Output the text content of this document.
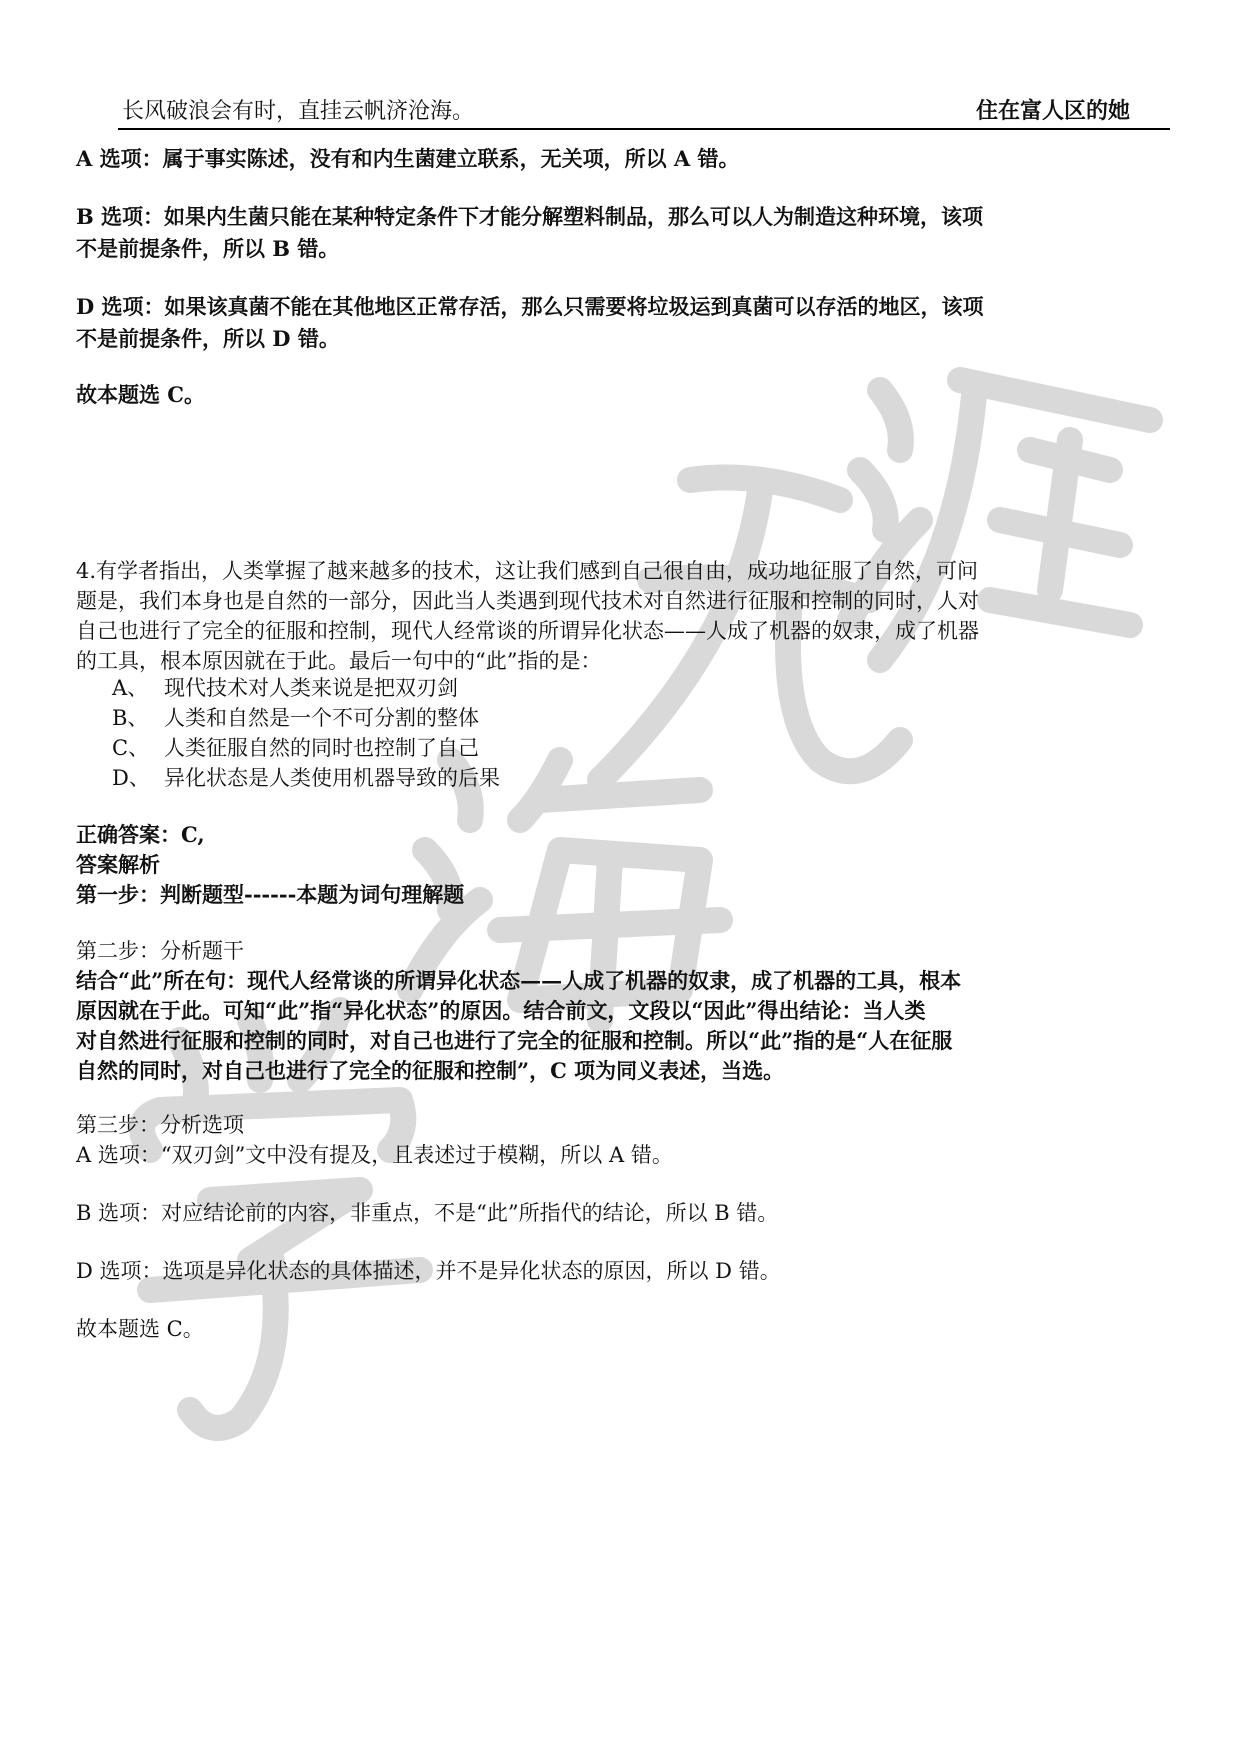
长风破浪会有时，直挂云帆济沧海。	住在富人区的她

A 选项：属于事实陈述，没有和内生菌建立联系，无关项，所以 A 错。

B 选项：如果内生菌只能在某种特定条件下才能分解塑料制品，那么可以人为制造这种环境，该项

不是前提条件，所以 B 错。

D 选项：如果该真菌不能在其他地区正常存活，那么只需要将垃圾运到真菌可以存活的地区，该项

不是前提条件，所以 D 错。

故本题选 C。

4.有学者指出，人类掌握了越来越多的技术，这让我们感到自己很自由，成功地征服了自然，可问

题是，我们本身也是自然的一部分，因此当人类遇到现代技术对自然进行征服和控制的同时，人对

自己也进行了完全的征服和控制，现代人经常谈的所谓异化状态——人成了机器的奴隶，成了机器

的工具，根本原因就在于此。最后一句中的“此”指的是：

A、 现代技术对人类来说是把双刃剑
B、 人类和自然是一个不可分割的整体
C、 人类征服自然的同时也控制了自己
D、 异化状态是人类使用机器导致的后果

正确答案：C,

答案解析

第一步：判断题型------本题为词句理解题

第二步：分析题干

结合“此”所在句：现代人经常谈的所谓异化状态——人成了机器的奴隶，成了机器的工具，根本

原因就在于此。可知“此”指“异化状态”的原因。结合前文，文段以“因此”得出结论：当人类

对自然进行征服和控制的同时，对自己也进行了完全的征服和控制。所以“此”指的是“人在征服

自然的同时，对自己也进行了完全的征服和控制”，C 项为同义表述，当选。

第三步：分析选项

A 选项：“双刃剑”文中没有提及，且表述过于模糊，所以 A 错。

B 选项：对应结论前的内容，非重点，不是“此”所指代的结论，所以 B 错。

D 选项：选项是异化状态的具体描述，并不是异化状态的原因，所以 D 错。

故本题选 C。
